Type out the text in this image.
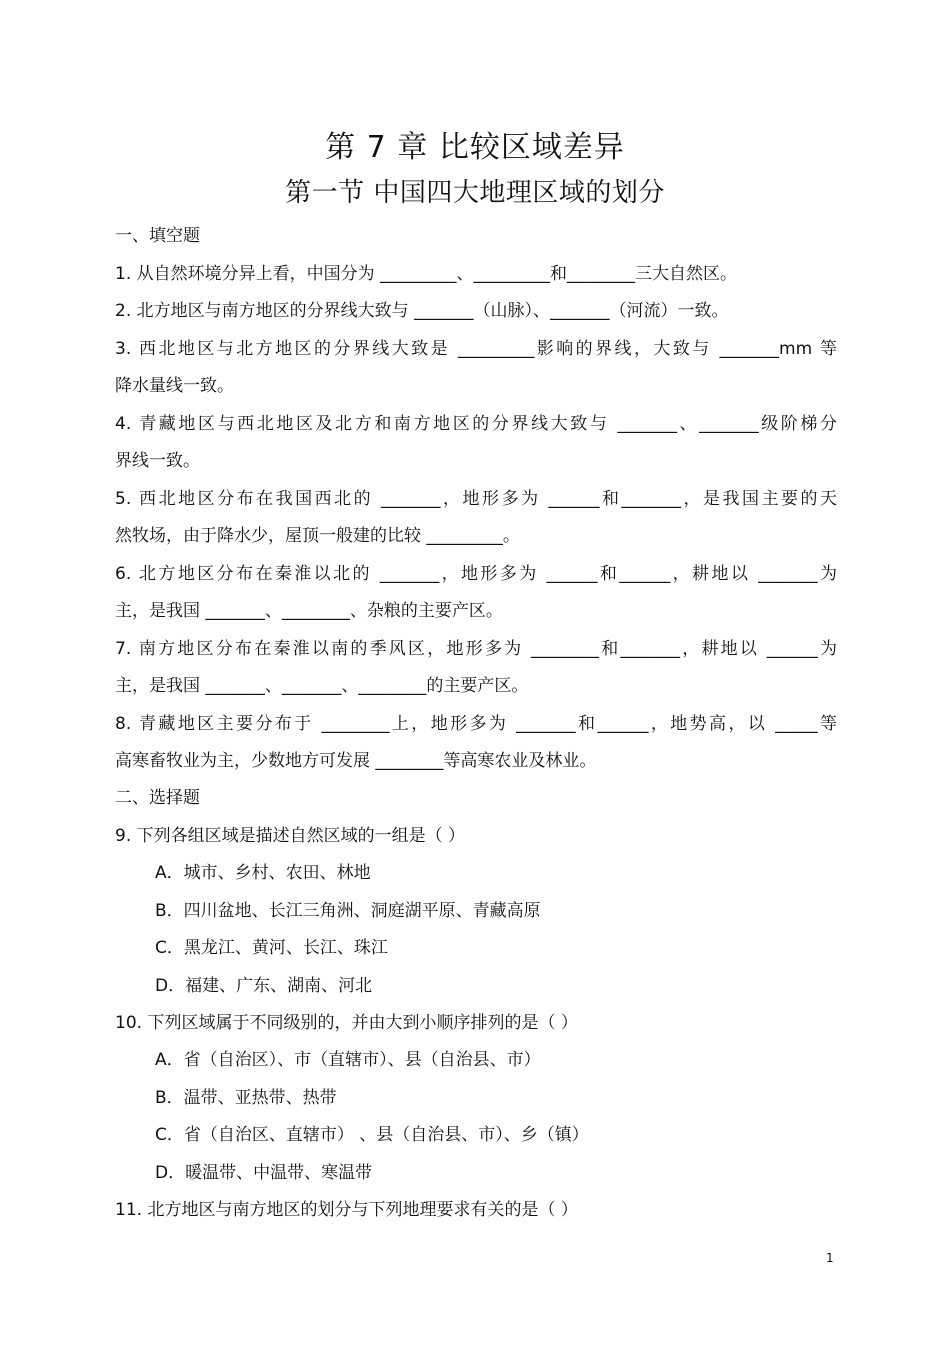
第 7 章 比较区域差异
第一节 中国四大地理区域的划分
一、填空题
1. 从自然环境分异上看，中国分为 _________、_________和________三大自然区。
2. 北方地区与南方地区的分界线大致与 _______（山脉）、_______（河流）一致。
3. 西北地区与北方地区的分界线大致是 _________影响的界线，大致与 _______mm 等
降水量线一致。
4. 青藏地区与西北地区及北方和南方地区的分界线大致与 _______、_______级阶梯分
界线一致。
5. 西北地区分布在我国西北的 _______，地形多为 ______和_______，是我国主要的天
然牧场，由于降水少，屋顶一般建的比较 _________。
6. 北方地区分布在秦淮以北的 _______，地形多为 ______和______，耕地以 _______为
主，是我国 _______、________、杂粮的主要产区。
7. 南方地区分布在秦淮以南的季风区，地形多为 ________和_______，耕地以 ______为
主，是我国 _______、_______、________的主要产区。
8. 青藏地区主要分布于 ________上，地形多为 _______和______，地势高，以 _____等
高寒畜牧业为主，少数地方可发展 ________等高寒农业及林业。
二、选择题
9. 下列各组区域是描述自然区域的一组是（ ）
A．城市、乡村、农田、林地
B．四川盆地、长江三角洲、洞庭湖平原、青藏高原
C．黑龙江、黄河、长江、珠江
D．福建、广东、湖南、河北
10. 下列区域属于不同级别的，并由大到小顺序排列的是（ ）
A．省（自治区）、市（直辖市）、县（自治县、市）
B．温带、亚热带、热带
C．省（自治区、直辖市） 、县（自治县、市）、乡（镇）
D．暖温带、中温带、寒温带
11. 北方地区与南方地区的划分与下列地理要求有关的是（ ）
1
